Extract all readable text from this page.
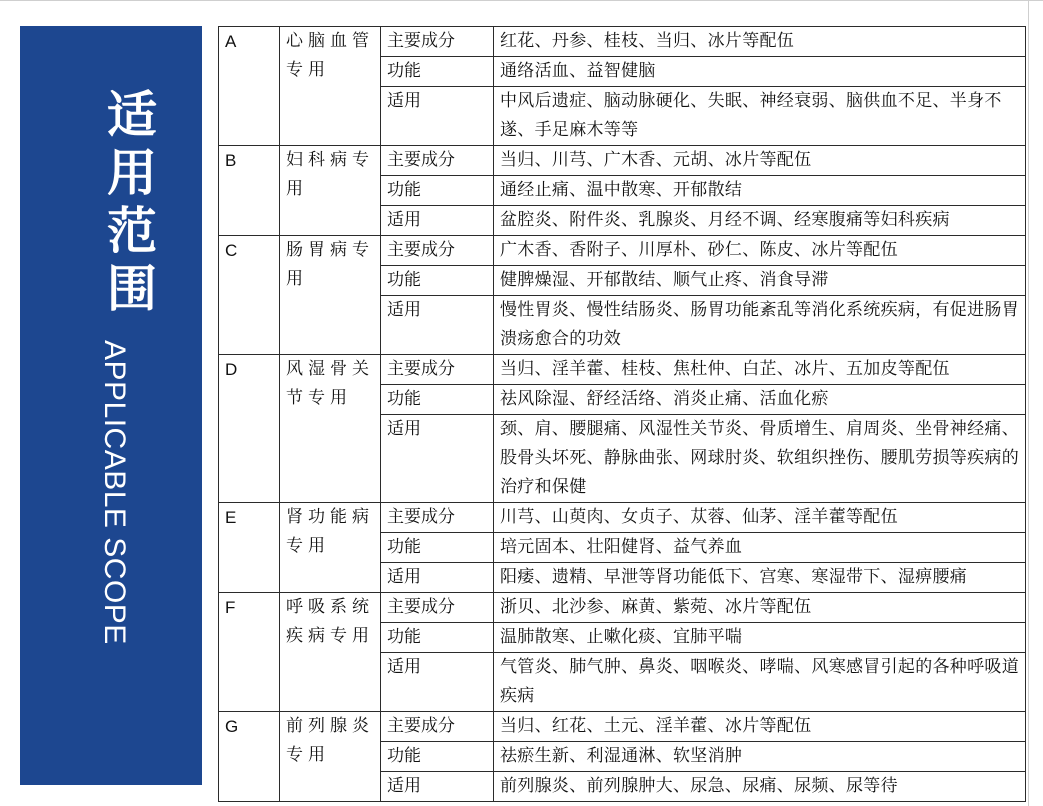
适
用
范
围
APPLICABLE SCOPE
A	心脑血管专用	主要成分	红花、丹参、桂枝、当归、冰片等配伍
		功能	通络活血、益智健脑
		适用	中风后遗症、脑动脉硬化、失眠、神经衰弱、脑供血不足、半身不遂、手足麻木等等
B	妇科病专用	主要成分	当归、川芎、广木香、元胡、冰片等配伍
		功能	通经止痛、温中散寒、开郁散结
		适用	盆腔炎、附件炎、乳腺炎、月经不调、经寒腹痛等妇科疾病
C	肠胃病专用	主要成分	广木香、香附子、川厚朴、砂仁、陈皮、冰片等配伍
		功能	健脾燥湿、开郁散结、顺气止疼、消食导滞
		适用	慢性胃炎、慢性结肠炎、肠胃功能紊乱等消化系统疾病，有促进肠胃溃疡愈合的功效
D	风湿骨关节专用	主要成分	当归、淫羊藿、桂枝、焦杜仲、白芷、冰片、五加皮等配伍
		功能	祛风除湿、舒经活络、消炎止痛、活血化瘀
		适用	颈、肩、腰腿痛、风湿性关节炎、骨质增生、肩周炎、坐骨神经痛、股骨头坏死、静脉曲张、网球肘炎、软组织挫伤、腰肌劳损等疾病的治疗和保健
E	肾功能病专用	主要成分	川芎、山萸肉、女贞子、苁蓉、仙茅、淫羊藿等配伍
		功能	培元固本、壮阳健肾、益气养血
		适用	阳痿、遗精、早泄等肾功能低下、宫寒、寒湿带下、湿痹腰痛
F	呼吸系统疾病专用	主要成分	浙贝、北沙参、麻黄、紫菀、冰片等配伍
		功能	温肺散寒、止嗽化痰、宜肺平喘
		适用	气管炎、肺气肿、鼻炎、咽喉炎、哮喘、风寒感冒引起的各种呼吸道疾病
G	前列腺炎专用	主要成分	当归、红花、土元、淫羊藿、冰片等配伍
		功能	祛瘀生新、利湿通淋、软坚消肿
		适用	前列腺炎、前列腺肿大、尿急、尿痛、尿频、尿等待
